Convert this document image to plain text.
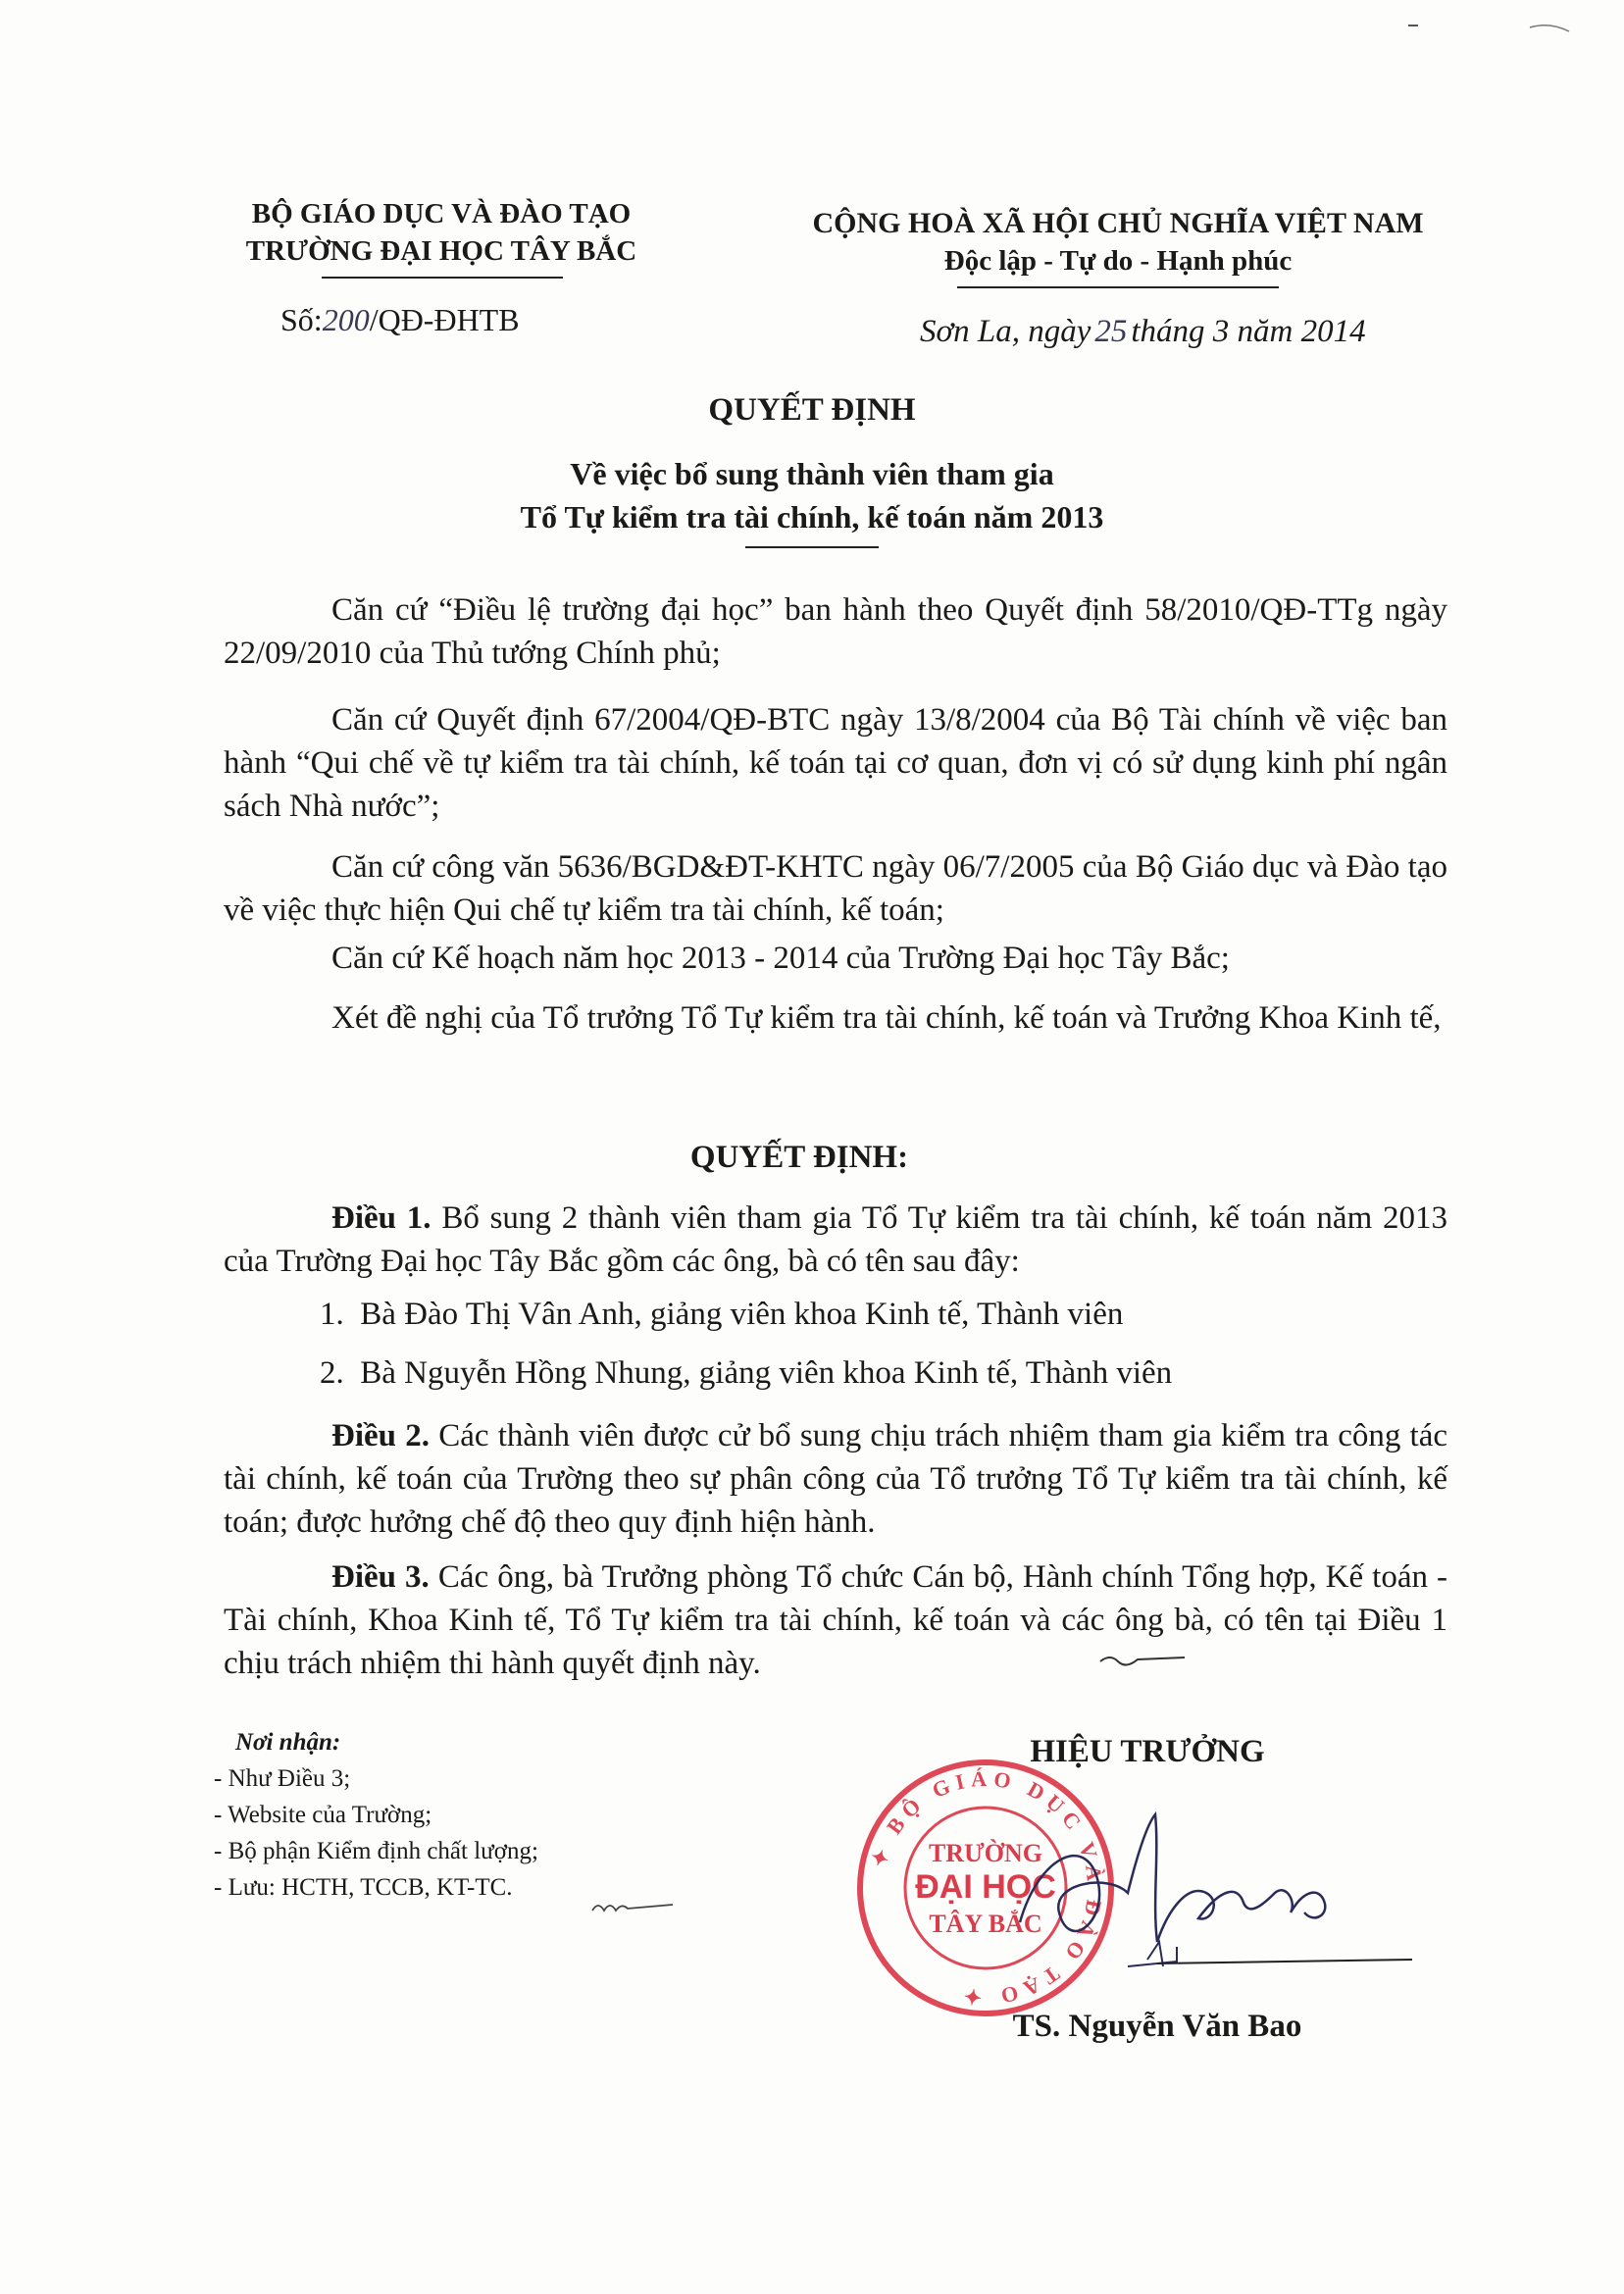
BỘ GIÁO DỤC VÀ ĐÀO TẠO
TRƯỜNG ĐẠI HỌC TÂY BẮC
Số:200/QĐ-ĐHTB
CỘNG HOÀ XÃ HỘI CHỦ NGHĨA VIỆT NAM
Độc lập - Tự do - Hạnh phúc
Sơn La, ngày 25 tháng 3 năm 2014
QUYẾT ĐỊNH
Về việc bổ sung thành viên tham gia
Tổ Tự kiểm tra tài chính, kế toán năm 2013
Căn cứ “Điều lệ trường đại học” ban hành theo Quyết định 58/2010/QĐ-TTg ngày 22/09/2010 của Thủ tướng Chính phủ;
Căn cứ Quyết định 67/2004/QĐ-BTC ngày 13/8/2004 của Bộ Tài chính về việc ban hành “Qui chế về tự kiểm tra tài chính, kế toán tại cơ quan, đơn vị có sử dụng kinh phí ngân sách Nhà nước”;
Căn cứ công văn 5636/BGD&ĐT-KHTC ngày 06/7/2005 của Bộ Giáo dục và Đào tạo về việc thực hiện Qui chế tự kiểm tra tài chính, kế toán;
Căn cứ Kế hoạch năm học 2013 - 2014 của Trường Đại học Tây Bắc;
Xét đề nghị của Tổ trưởng Tổ Tự kiểm tra tài chính, kế toán và Trưởng Khoa Kinh tế,
QUYẾT ĐỊNH:
Điều 1. Bổ sung 2 thành viên tham gia Tổ Tự kiểm tra tài chính, kế toán năm 2013 của Trường Đại học Tây Bắc gồm các ông, bà có tên sau đây:
1. Bà Đào Thị Vân Anh, giảng viên khoa Kinh tế, Thành viên
2. Bà Nguyễn Hồng Nhung, giảng viên khoa Kinh tế, Thành viên
Điều 2. Các thành viên được cử bổ sung chịu trách nhiệm tham gia kiểm tra công tác tài chính, kế toán của Trường theo sự phân công của Tổ trưởng Tổ Tự kiểm tra tài chính, kế toán; được hưởng chế độ theo quy định hiện hành.
Điều 3. Các ông, bà Trưởng phòng Tổ chức Cán bộ, Hành chính Tổng hợp, Kế toán - Tài chính, Khoa Kinh tế, Tổ Tự kiểm tra tài chính, kế toán và các ông bà, có tên tại Điều 1 chịu trách nhiệm thi hành quyết định này.
Nơi nhận:
- Như Điều 3;
- Website của Trường;
- Bộ phận Kiểm định chất lượng;
- Lưu: HCTH, TCCB, KT-TC.
HIỆU TRƯỞNG
✦ BỘ GIÁO DỤC VÀ ĐÀO TẠO ✦
TRƯỜNG
ĐẠI HỌC
TÂY BẮC
TS. Nguyễn Văn Bao
